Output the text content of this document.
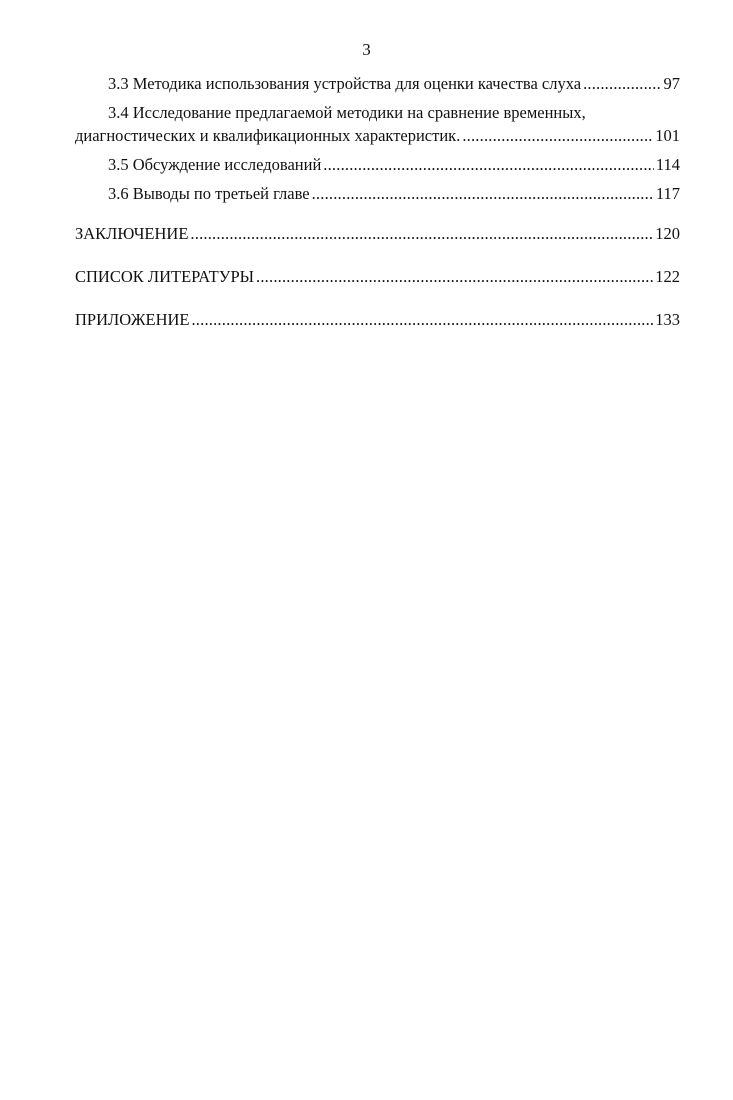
3
3.3 Методика использования устройства для оценки качества слуха .....	97
3.4 Исследование предлагаемой методики на сравнение временных,
диагностических и квалификационных характеристик. .....	101
3.5 Обсуждение исследований .....	114
3.6 Выводы по третьей главе .....	117
ЗАКЛЮЧЕНИЕ .....	120
СПИСОК ЛИТЕРАТУРЫ .....	122
ПРИЛОЖЕНИЕ .....	133
